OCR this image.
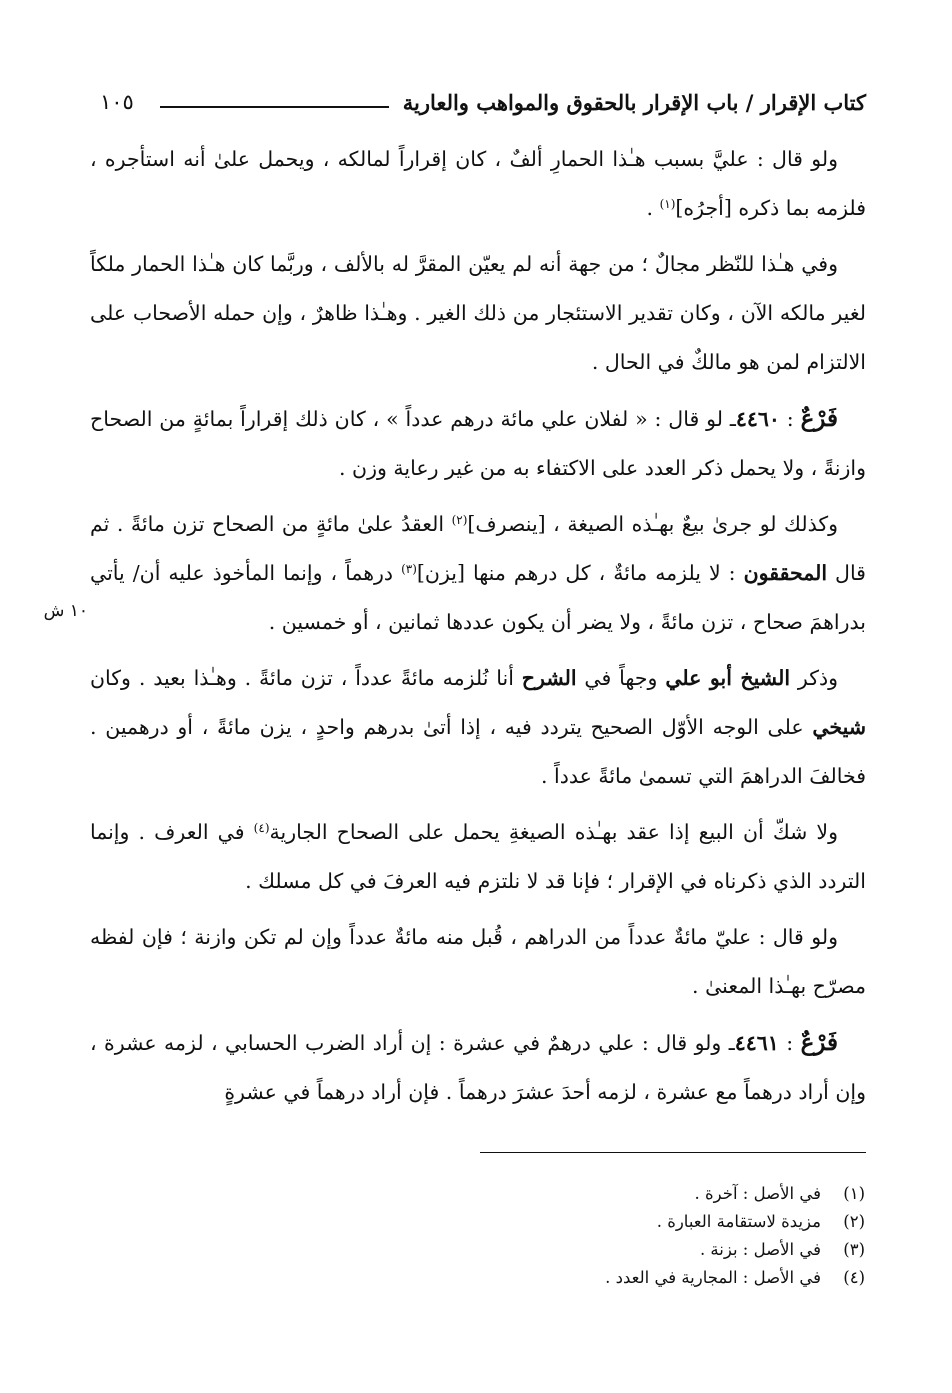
كتاب الإقرار / باب الإقرار بالحقوق والمواهب والعارية
١٠٥

ولو قال : عليَّ بسبب هـٰذا الحمارِ ألفٌ ، كان إقراراً لمالكه ، ويحمل علىٰ أنه استأجره ، فلزمه بما ذكره [أجرُه]$^{(١)}$ .

وفي هـٰذا للنّظر مجالٌ ؛ من جهة أنه لم يعيّن المقرَّ له بالألف ، وربَّما كان هـٰذا الحمار ملكاً لغير مالكه الآن ، وكان تقدير الاستئجار من ذلك الغير . وهـٰذا ظاهرٌ ، وإن حمله الأصحاب على الالتزام لمن هو مالكٌ في الحال .

فَرْعٌ : ٤٤٦٠ـ لو قال : « لفلان علي مائة درهم عدداً » ، كان ذلك إقراراً بمائةٍ من الصحاح وازنةً ، ولا يحمل ذكر العدد على الاكتفاء به من غير رعاية وزن .

وكذلك لو جرىٰ بيعٌ بهـٰذه الصيغة ، [ينصرف]$^{(٢)}$ العقدُ علىٰ مائةٍ من الصحاح تزن مائةً . ثم قال المحققون : لا يلزمه مائةٌ ، كل درهم منها [يزن]$^{(٣)}$ درهماً ، وإنما المأخوذ عليه أن/ يأتي بدراهمَ صحاح ، تزن مائةً ، ولا يضر أن يكون عددها ثمانين ، أو خمسين .

وذكر الشيخ أبو علي وجهاً في الشرح أنا نُلزمه مائةً عدداً ، تزن مائةً . وهـٰذا بعيد . وكان شيخي على الوجه الأوّل الصحيح يتردد فيه ، إذا أتىٰ بدرهم واحدٍ ، يزن مائةً ، أو درهمين . فخالفَ الدراهمَ التي تسمىٰ مائةً عدداً .

ولا شكّ أن البيع إذا عقد بهـٰذه الصيغةِ يحمل على الصحاح الجارية$^{(٤)}$ في العرف . وإنما التردد الذي ذكرناه في الإقرار ؛ فإنا قد لا نلتزم فيه العرفَ في كل مسلك .

ولو قال : عليّ مائةٌ عدداً من الدراهم ، قُبل منه مائةٌ عدداً وإن لم تكن وازنة ؛ فإن لفظه مصرّح بهـٰذا المعنىٰ .

فَرْعٌ : ٤٤٦١ـ ولو قال : علي درهمٌ في عشرة : إن أراد الضرب الحسابي ، لزمه عشرة ، وإن أراد درهماً مع عشرة ، لزمه أحدَ عشرَ درهماً . فإن أراد درهماً في عشرةٍ

١٠ ش
(١)
في الأصل : آخرة .
(٢)
مزيدة لاستقامة العبارة .
(٣)
في الأصل : بزنة .
(٤)
في الأصل : المجارية في العدد .
